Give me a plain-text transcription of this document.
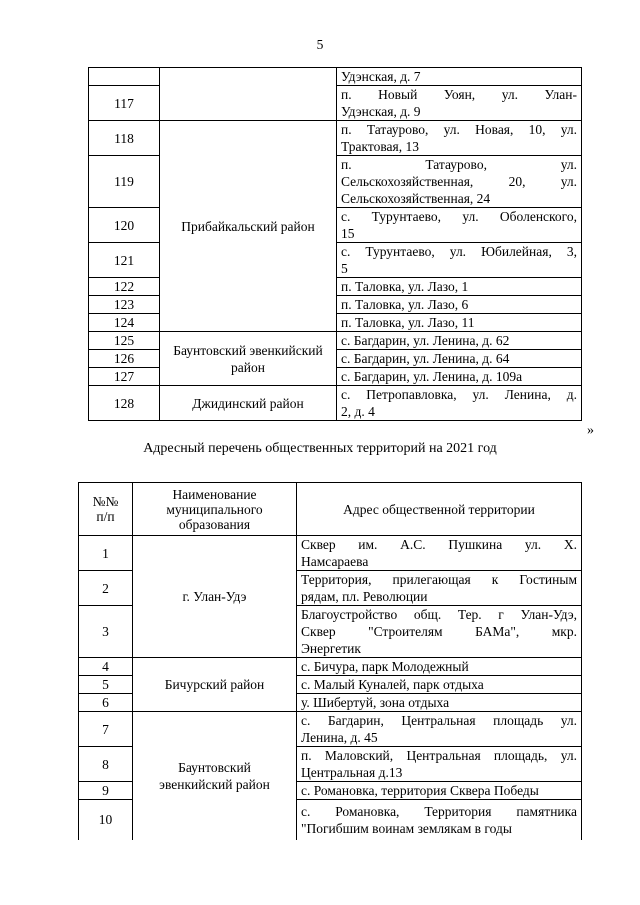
5

		Удэнская, д. 7

117		п. Новый Уоян, ул. Улан-
Удэнская, д. 9

118	Прибайкальский район	п. Татаурово, ул. Новая, 10, ул.
Трактовая, 13

119		п. Татаурово, ул.
Сельскохозяйственная, 20, ул.
Сельскохозяйственная, 24

120		с. Турунтаево, ул. Оболенского,
15

121		с. Турунтаево, ул. Юбилейная, 3,
5

122		п. Таловка, ул. Лазо, 1

123		п. Таловка, ул. Лазо, 6

124		п. Таловка, ул. Лазо, 11

125	Баунтовский эвенкийский
район	с. Багдарин, ул. Ленина, д. 62

126		с. Багдарин, ул. Ленина, д. 64

127		с. Багдарин, ул. Ленина, д. 109а

128	Джидинский район	с. Петропавловка, ул. Ленина, д.
2, д. 4
»
Адресный перечень общественных территорий на 2021 год
№№
п/п	Наименование
муниципального
образования	Адрес общественной территории
1	г. Улан-Удэ	Сквер им. А.С. Пушкина ул. Х.
Намсараева

2		Территория, прилегающая к Гостиным
рядам, пл. Революции

3		Благоустройство общ. Тер. г Улан-Удэ,
Сквер "Строителям БАМа", мкр.
Энергетик

4	Бичурский район	с. Бичура, парк Молодежный

5		с. Малый Куналей, парк отдыха

6		у. Шибертуй, зона отдыха

7	Баунтовский
эвенкийский район	с. Багдарин, Центральная площадь ул.
Ленина, д. 45

8		п. Маловский, Центральная площадь, ул.
Центральная д.13

9		с. Романовка, территория Сквера Победы

10		с. Романовка, Территория памятника
"Погибшим воинам землякам в годы
